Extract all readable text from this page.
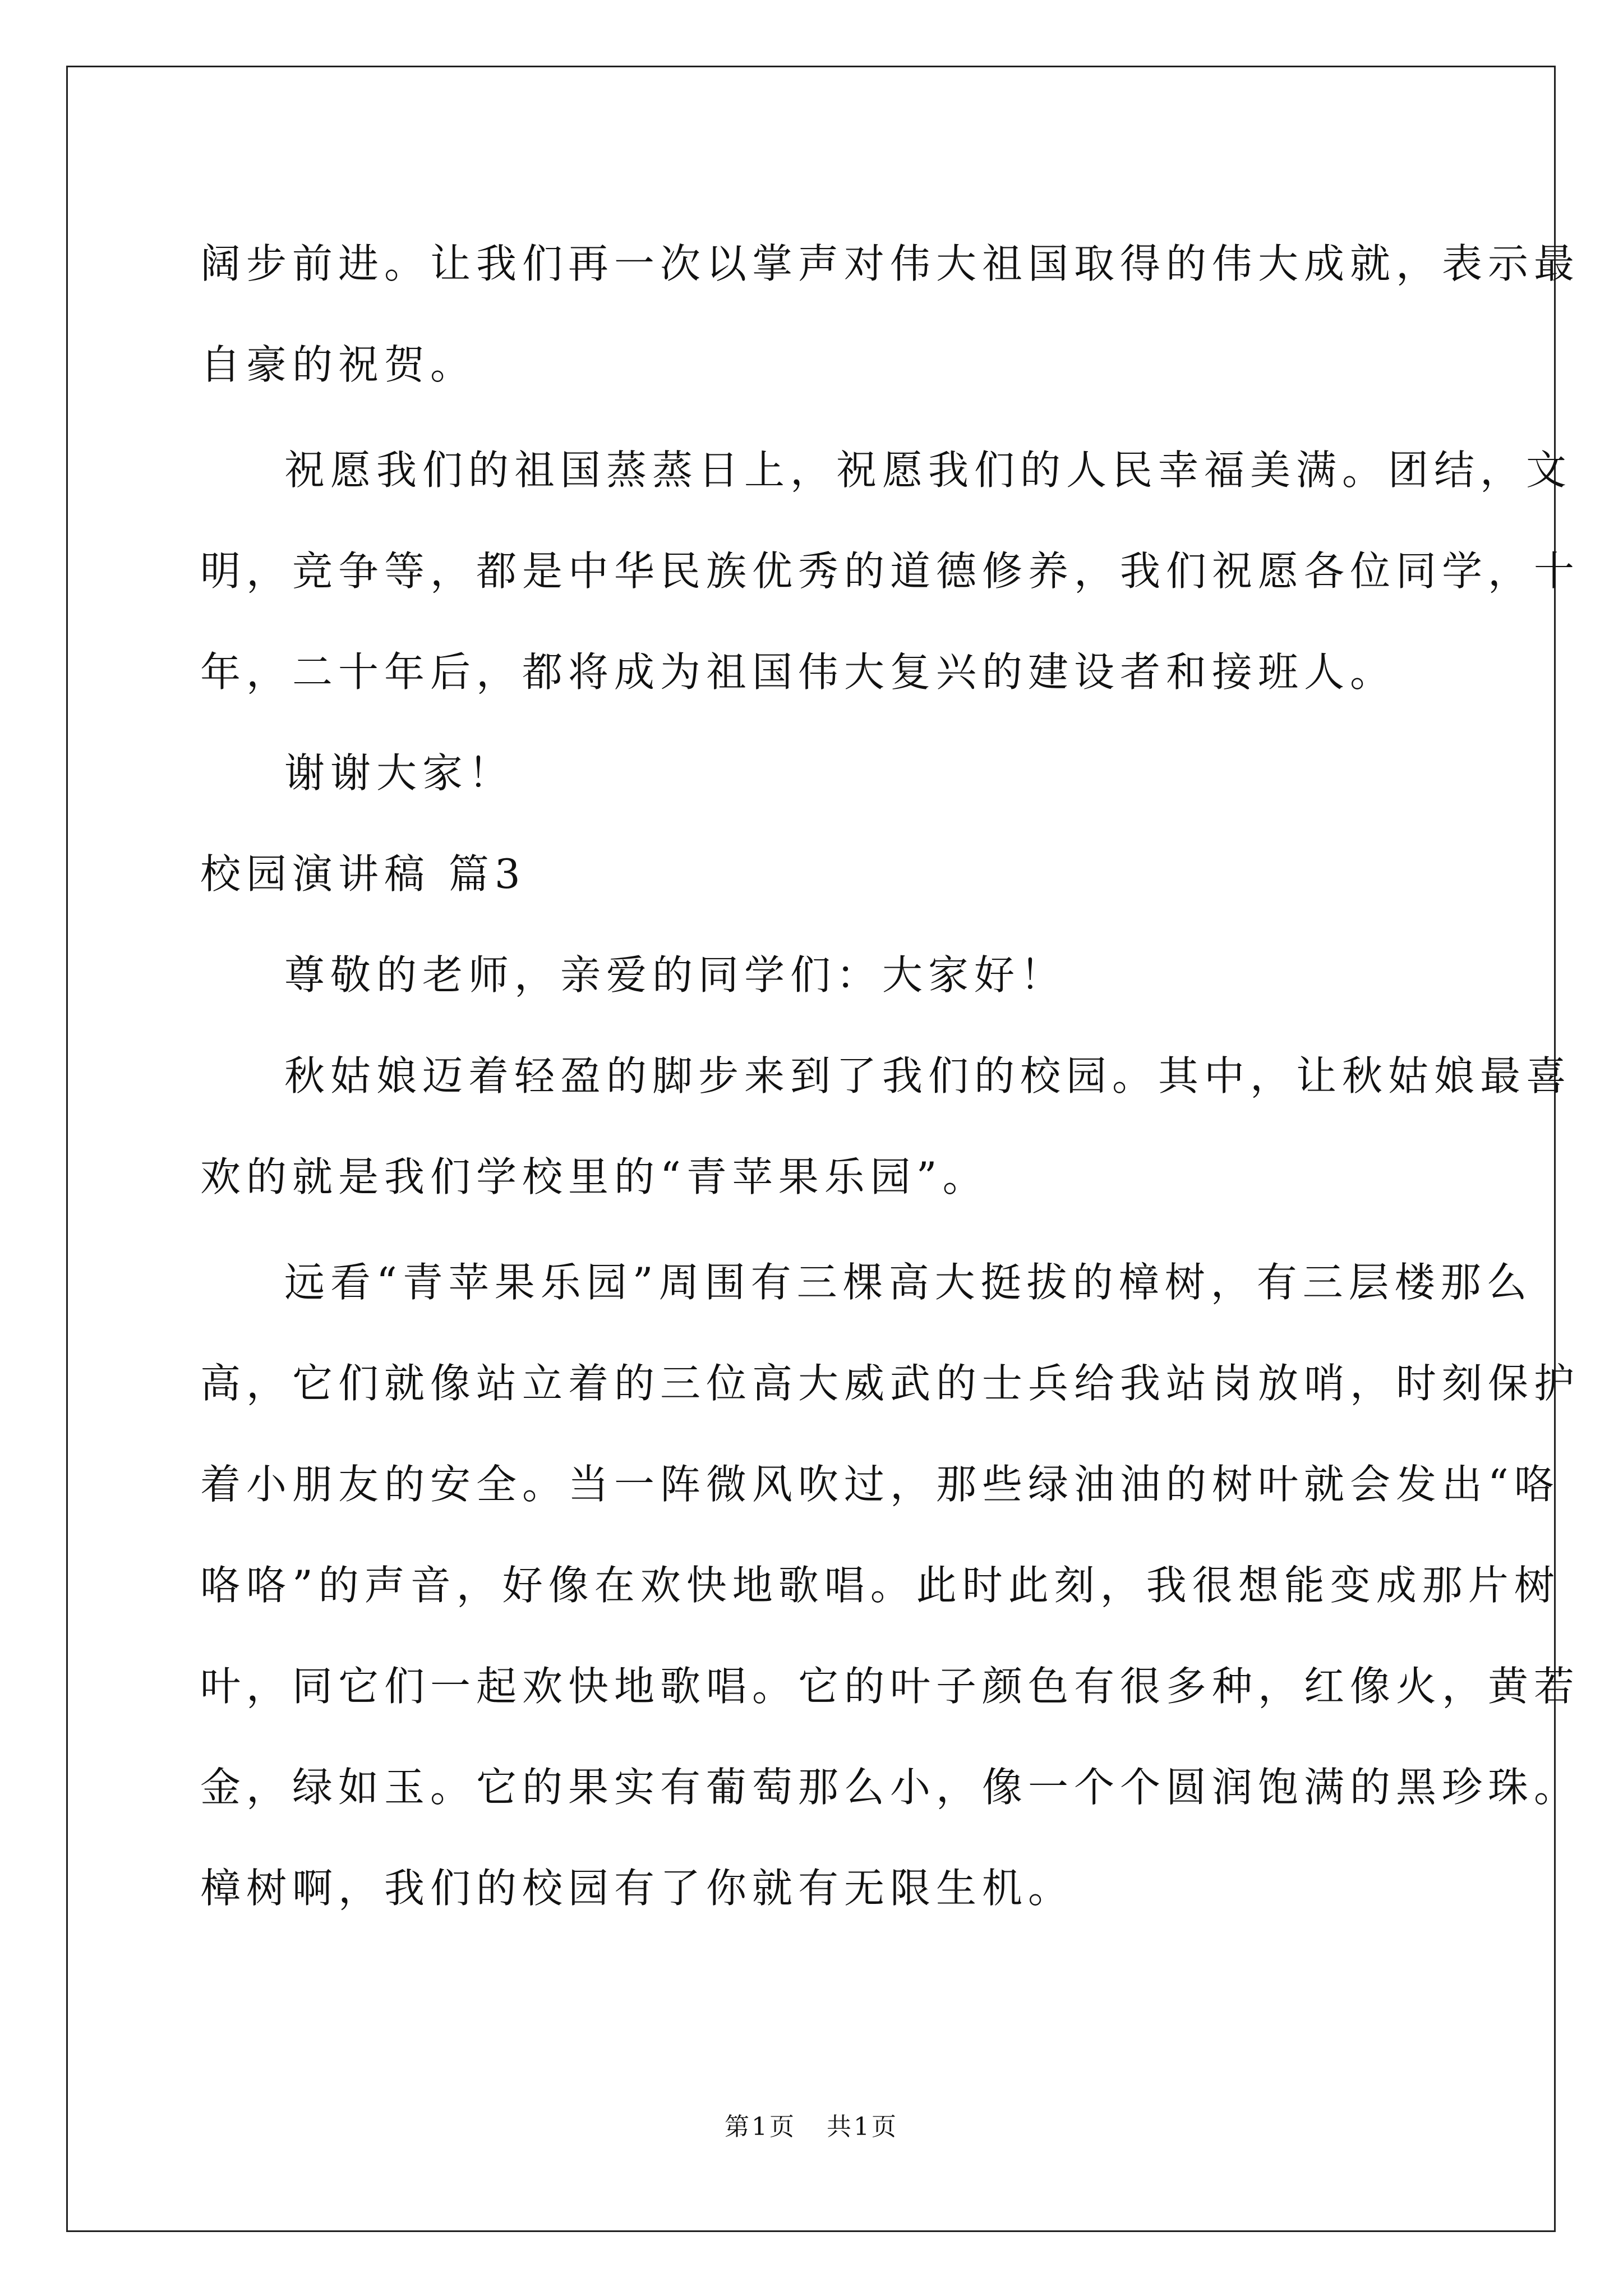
阔步前进。让我们再一次以掌声对伟大祖国取得的伟大成就，表示最
自豪的祝贺。
祝愿我们的祖国蒸蒸日上，祝愿我们的人民幸福美满。团结，文
明，竞争等，都是中华民族优秀的道德修养，我们祝愿各位同学，十
年，二十年后，都将成为祖国伟大复兴的建设者和接班人。
谢谢大家！
校园演讲稿 篇3
尊敬的老师，亲爱的同学们：大家好！
秋姑娘迈着轻盈的脚步来到了我们的校园。其中，让秋姑娘最喜
欢的就是我们学校里的“青苹果乐园”。
远看“青苹果乐园”周围有三棵高大挺拔的樟树，有三层楼那么
高，它们就像站立着的三位高大威武的士兵给我站岗放哨，时刻保护
着小朋友的安全。当一阵微风吹过，那些绿油油的树叶就会发出“咯
咯咯”的声音，好像在欢快地歌唱。此时此刻，我很想能变成那片树
叶，同它们一起欢快地歌唱。它的叶子颜色有很多种，红像火，黄若
金，绿如玉。它的果实有葡萄那么小，像一个个圆润饱满的黑珍珠。
樟树啊，我们的校园有了你就有无限生机。
第1页 共1页
